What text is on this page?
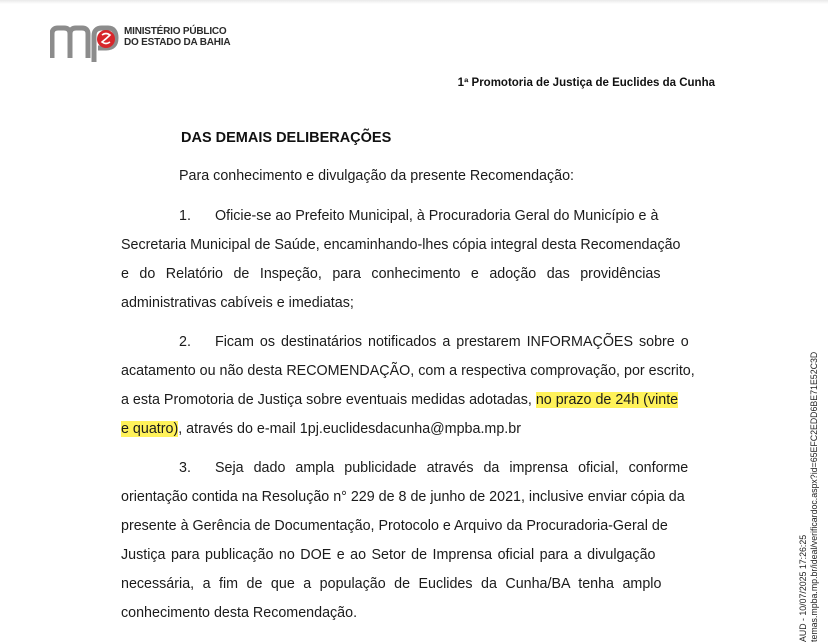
MINISTÉRIO PÚBLICO
DO ESTADO DA BAHIA
1ª Promotoria de Justiça de Euclides da Cunha
DAS DEMAIS DELIBERAÇÕES
Para conhecimento e divulgação da presente Recomendação:
1. Oficie-se ao Prefeito Municipal, à Procuradoria Geral do Município e à
Secretaria Municipal de Saúde, encaminhando-lhes cópia integral desta Recomendação
e do Relatório de Inspeção, para conhecimento e adoção das providências
administrativas cabíveis e imediatas;
2. Ficam os destinatários notificados a prestarem INFORMAÇÕES sobre o
acatamento ou não desta RECOMENDAÇÃO, com a respectiva comprovação, por escrito,
a esta Promotoria de Justiça sobre eventuais medidas adotadas, no prazo de 24h (vinte
e quatro), através do e-mail 1pj.euclidesdacunha@mpba.mp.br
3. Seja dado ampla publicidade através da imprensa oficial, conforme
orientação contida na Resolução n° 229 de 8 de junho de 2021, inclusive enviar cópia da
presente à Gerência de Documentação, Protocolo e Arquivo da Procuradoria-Geral de
Justiça para publicação no DOE e ao Setor de Imprensa oficial para a divulgação
necessária, a fim de que a população de Euclides da Cunha/BA tenha amplo
conhecimento desta Recomendação.	AUD - 10/07/2025 17:26:25 temas.mpba.mp.br/ideal/verificardoc.aspx?id=65EFC2EDD6BE71E52C3D
